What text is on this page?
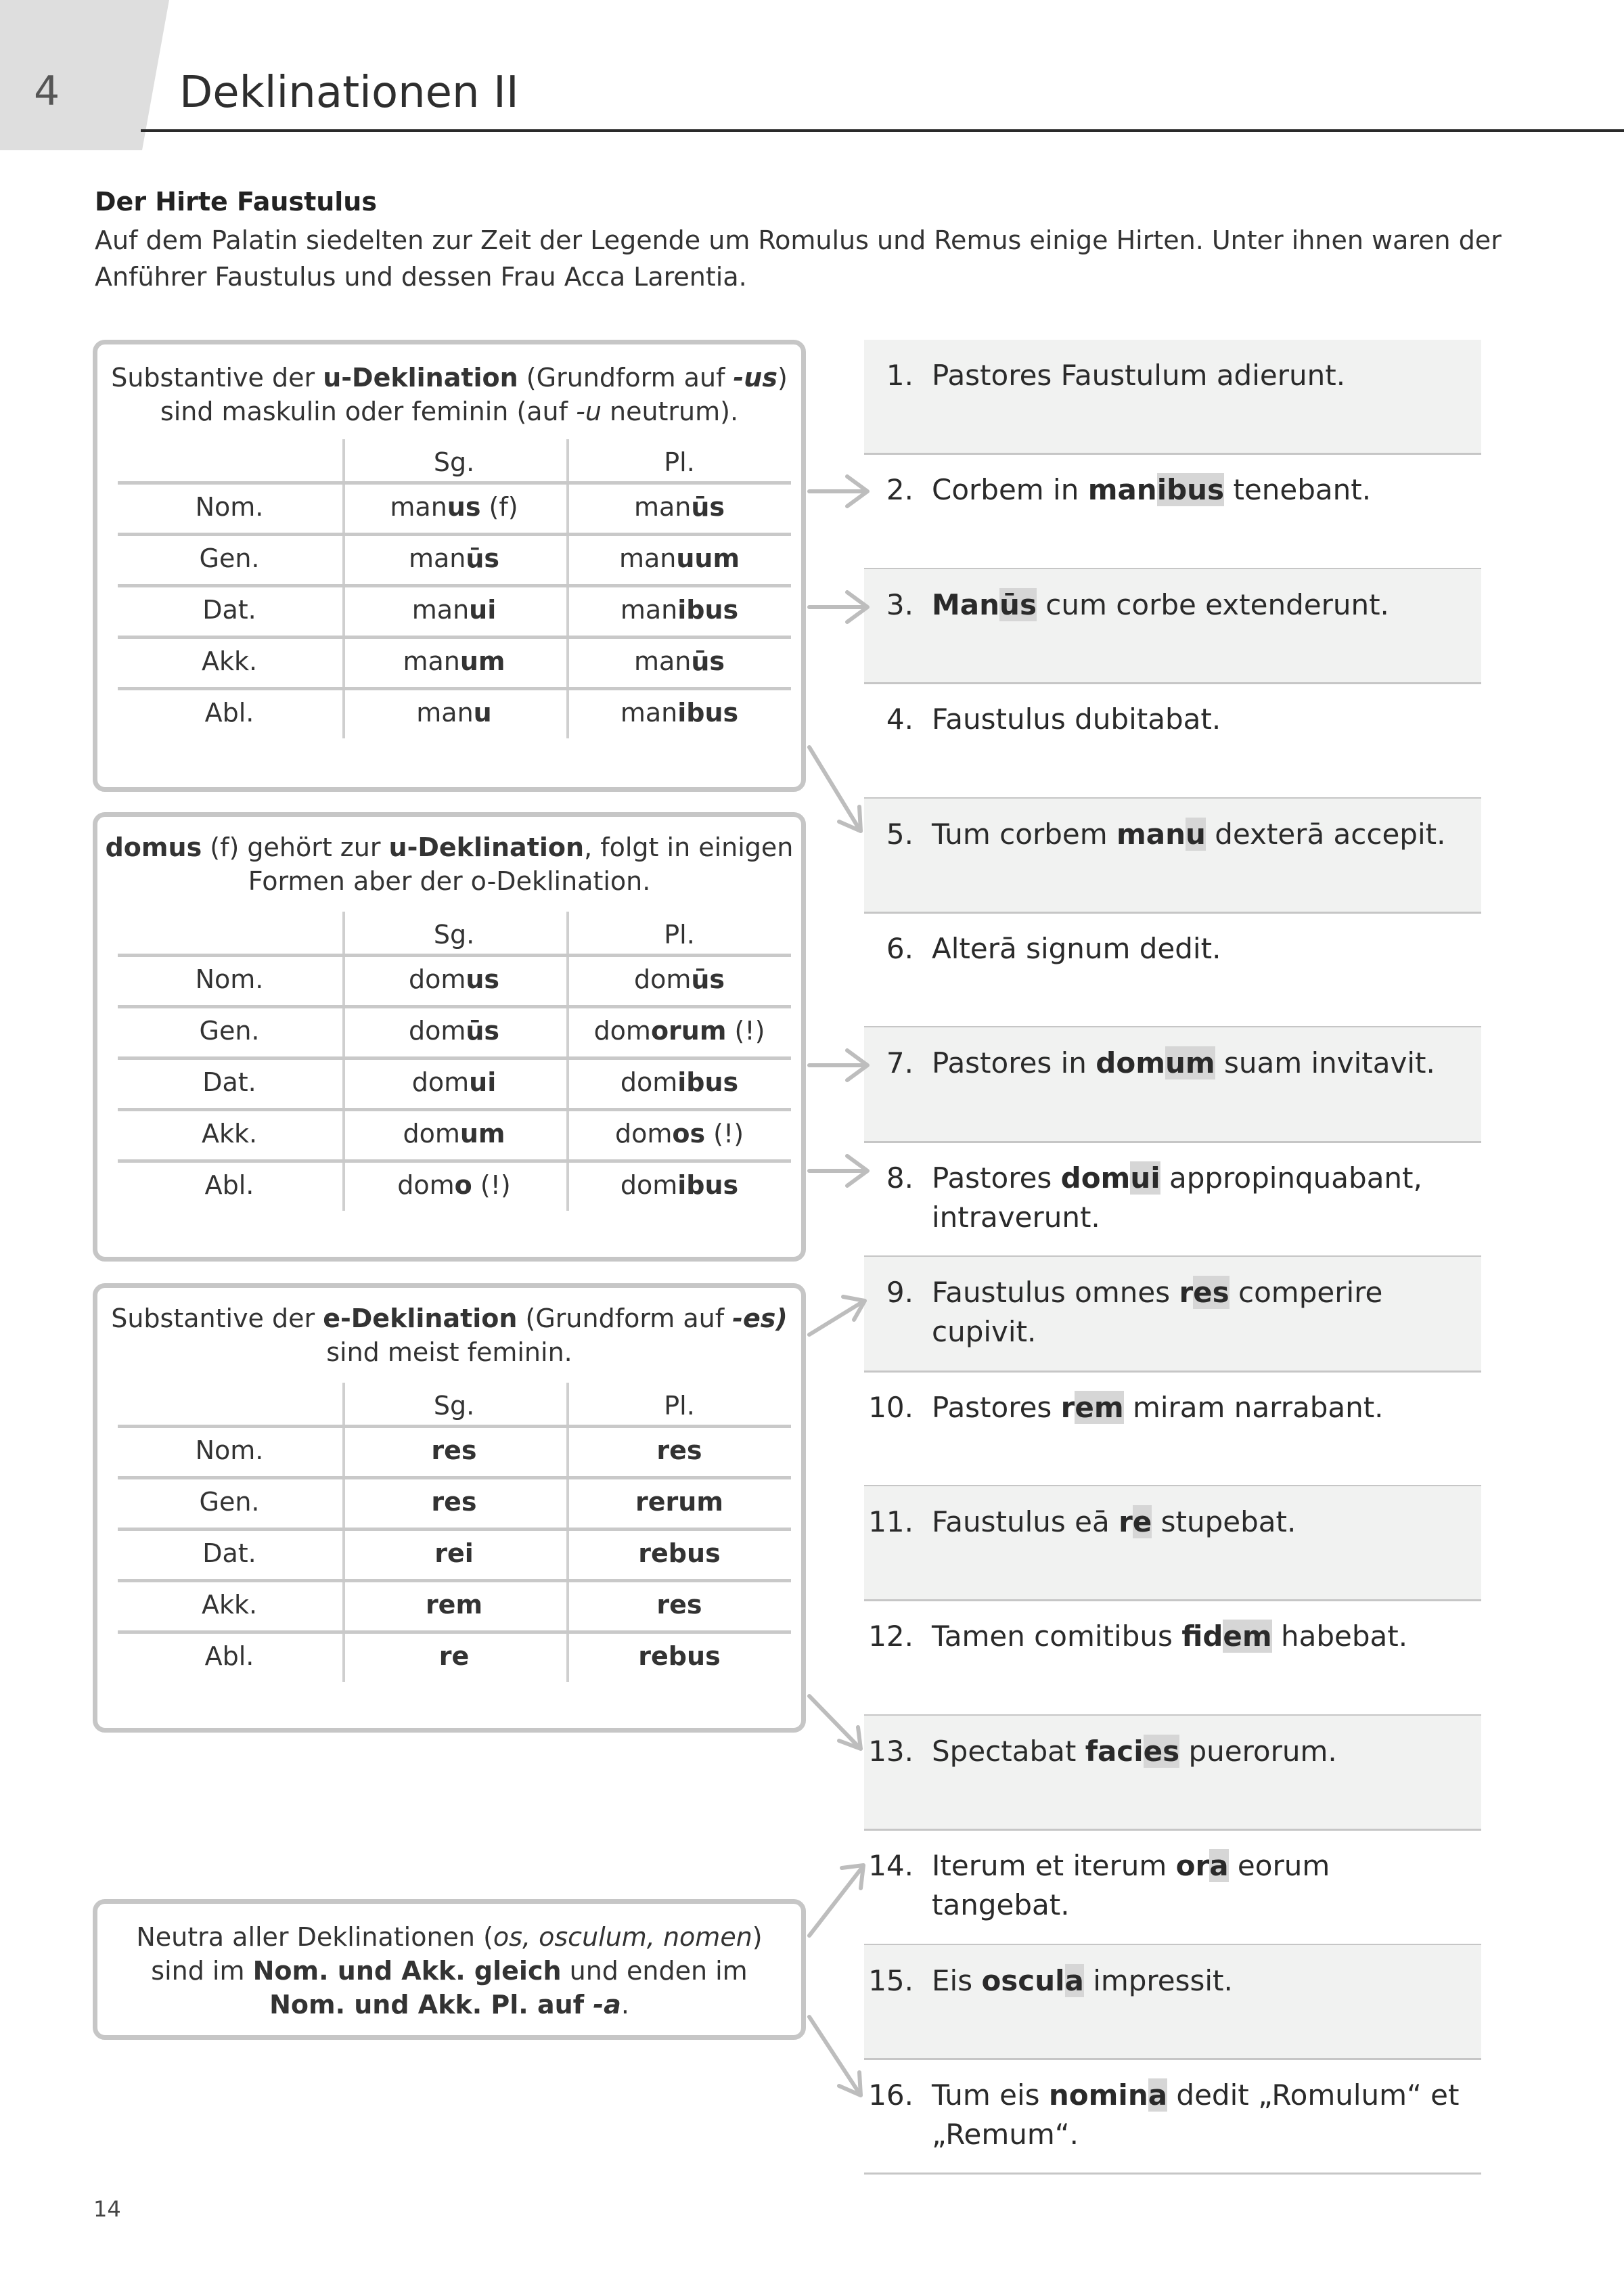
4	Deklinationen II
Der Hirte Faustulus
Auf dem Palatin siedelten zur Zeit der Legende um Romulus und Remus einige Hirten. Unter ihnen waren der Anführer Faustulus und dessen Frau Acca Larentia.
Substantive der u-Deklination (Grundform auf -us)
sind maskulin oder feminin (auf -u neutrum).
Sg.	Pl.
Nom.	manus (f)	manūs
Gen.	manūs	manuum
Dat.	manui	manibus
Akk.	manum	manūs
Abl.	manu	manibus
domus (f) gehört zur u-Deklination, folgt in einigen
Formen aber der o-Deklination.
Sg.	Pl.
Nom.	domus	domūs
Gen.	domūs	domorum (!)
Dat.	domui	domibus
Akk.	domum	domos (!)
Abl.	domo (!)	domibus
Substantive der e-Deklination (Grundform auf -es)
sind meist feminin.
Sg.	Pl.
Nom.	res	res
Gen.	res	rerum
Dat.	rei	rebus
Akk.	rem	res
Abl.	re	rebus
Neutra aller Deklinationen (os, osculum, nomen) sind im Nom. und Akk. gleich und enden im Nom. und Akk. Pl. auf -a.
1. Pastores Faustulum adierunt.
2. Corbem in manibus tenebant.
3. Manūs cum corbe extenderunt.
4. Faustulus dubitabat.
5. Tum corbem manu dexterā accepit.
6. Alterā signum dedit.
7. Pastores in domum suam invitavit.
8. Pastores domui appropinquabant, intraverunt.
9. Faustulus omnes res comperire cupivit.
10. Pastores rem miram narrabant.
11. Faustulus eā re stupebat.
12. Tamen comitibus fidem habebat.
13. Spectabat facies puerorum.
14. Iterum et iterum ora eorum tangebat.
15. Eis oscula impressit.
16. Tum eis nomina dedit „Romulum“ et „Remum“.
14
